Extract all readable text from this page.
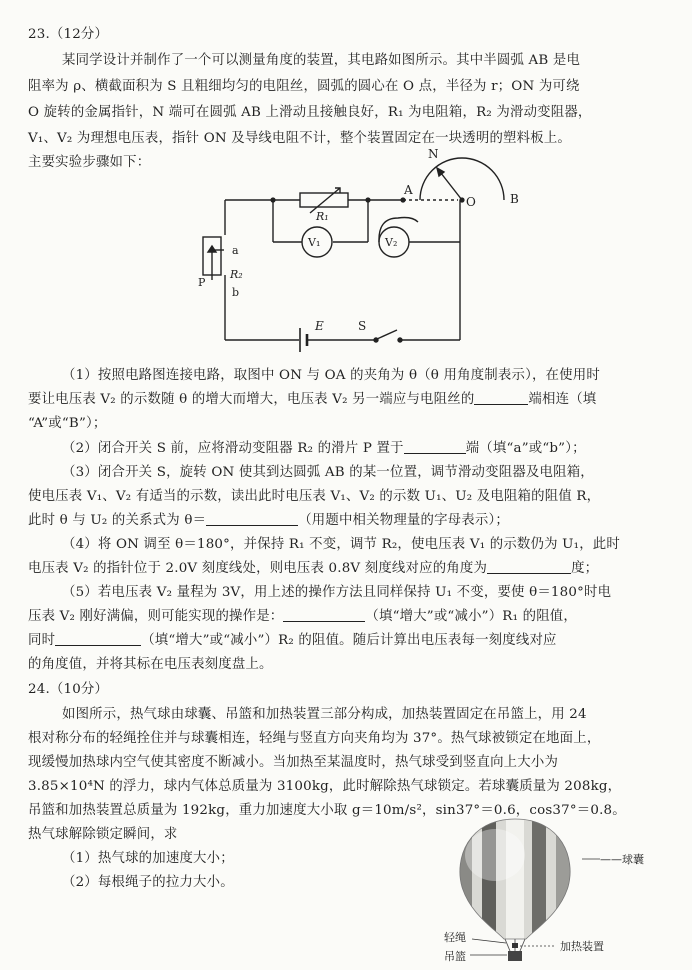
23.（12分）
某同学设计并制作了一个可以测量角度的装置，其电路如图所示。其中半圆弧 AB 是电
阻率为 ρ、横截面积为 S 且粗细均匀的电阻丝，圆弧的圆心在 O 点，半径为 r；ON 为可绕
O 旋转的金属指针，N 端可在圆弧 AB 上滑动且接触良好，R₁ 为电阻箱，R₂ 为滑动变阻器，
V₁、V₂ 为理想电压表，指针 ON 及导线电阻不计，整个装置固定在一块透明的塑料板上。
主要实验步骤如下：
N
A
O	B
R₁
V₁	V₂
a
R₂
P
b
E	S
（1）按照电路图连接电路，取图中 ON 与 OA 的夹角为 θ（θ 用角度制表示），在使用时
要让电压表 V₂ 的示数随 θ 的增大而增大，电压表 V₂ 另一端应与电阻丝的	端相连（填
“A”或“B”）；
（2）闭合开关 S 前，应将滑动变阻器 R₂ 的滑片 P 置于	端（填“a”或“b”）；
（3）闭合开关 S，旋转 ON 使其到达圆弧 AB 的某一位置，调节滑动变阻器及电阻箱，
使电压表 V₁、V₂ 有适当的示数，读出此时电压表 V₁、V₂ 的示数 U₁、U₂ 及电阻箱的阻值 R，
此时 θ 与 U₂ 的关系式为 θ＝	（用题中相关物理量的字母表示）；
（4）将 ON 调至 θ＝180°，并保持 R₁ 不变，调节 R₂，使电压表 V₁ 的示数仍为 U₁，此时
电压表 V₂ 的指针位于 2.0V 刻度线处，则电压表 0.8V 刻度线对应的角度为	度；
（5）若电压表 V₂ 量程为 3V，用上述的操作方法且同样保持 U₁ 不变，要使 θ＝180°时电
压表 V₂ 刚好满偏，则可能实现的操作是：	（填“增大”或“减小”）R₁ 的阻值，
同时	（填“增大”或“减小”）R₂ 的阻值。随后计算出电压表每一刻度线对应
的角度值，并将其标在电压表刻度盘上。
24.（10分）
如图所示，热气球由球囊、吊篮和加热装置三部分构成，加热装置固定在吊篮上，用 24
根对称分布的轻绳拴住并与球囊相连，轻绳与竖直方向夹角均为 37°。热气球被锁定在地面上，
现缓慢加热球内空气使其密度不断减小。当加热至某温度时，热气球受到竖直向上大小为
3.85×10⁴N 的浮力，球内气体总质量为 3100kg，此时解除热气球锁定。若球囊质量为 208kg，
吊篮和加热装置总质量为 192kg，重力加速度大小取 g＝10m/s²，sin37°＝0.6，cos37°＝0.8。
热气球解除锁定瞬间，求
（1）热气球的加速度大小；
（2）每根绳子的拉力大小。
——球囊
轻绳
吊篮
加热装置
